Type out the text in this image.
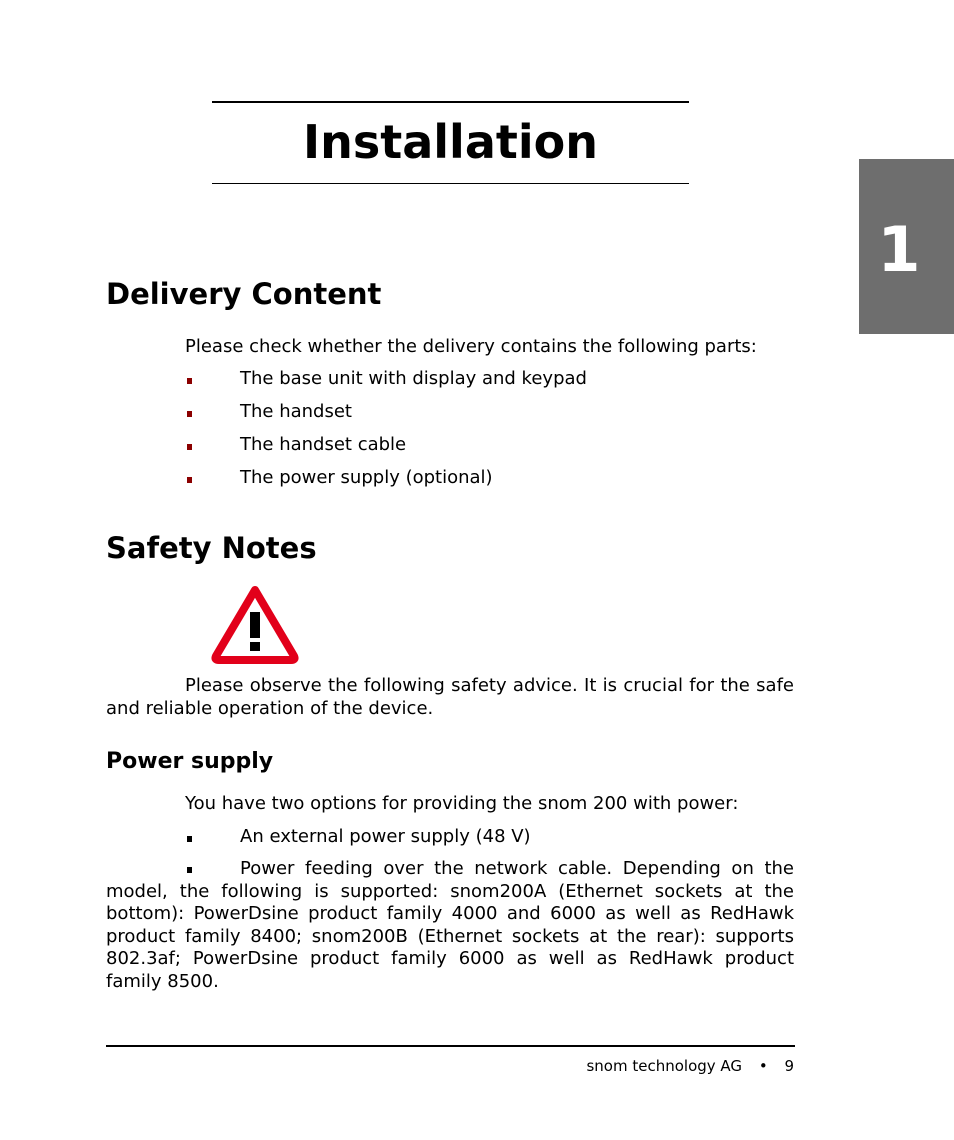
Installation
1
Delivery Content
Please check whether the delivery contains the following parts:
The base unit with display and keypad
The handset
The handset cable
The power supply (optional)
Safety Notes
Please observe the following safety advice. It is crucial for the safe and reliable operation of the device.
Power supply
You have two options for providing the snom 200 with power:
An external power supply (48 V)
Power feeding over the network cable. Depending on the model, the following is supported: snom200A (Ethernet sockets at the bottom): PowerDsine product family 4000 and 6000 as well as RedHawk product family 8400; snom200B (Ethernet sockets at the rear): supports 802.3af; PowerDsine product family 6000 as well as RedHawk product family 8500.
snom technology AG • 9
